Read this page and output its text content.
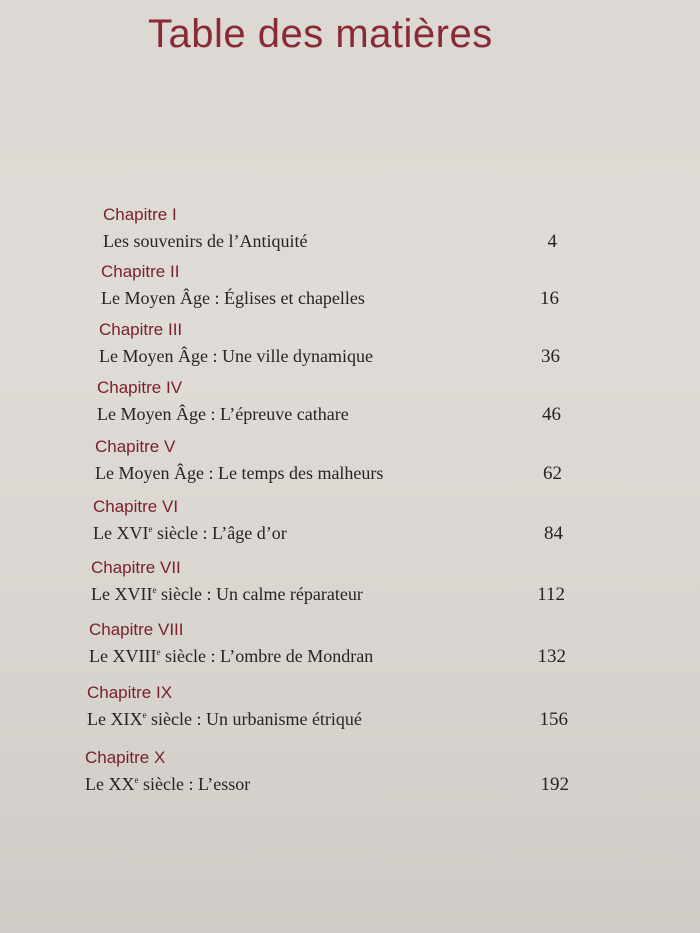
Table des matières
Chapitre I
Les souvenirs de l’Antiquité	4
Chapitre II
Le Moyen Âge : Églises et chapelles	16
Chapitre III
Le Moyen Âge : Une ville dynamique	36
Chapitre IV
Le Moyen Âge : L’épreuve cathare	46
Chapitre V
Le Moyen Âge : Le temps des malheurs	62
Chapitre VI
Le XVIe siècle : L’âge d’or	84
Chapitre VII
Le XVIIe siècle : Un calme réparateur	112
Chapitre VIII
Le XVIIIe siècle : L’ombre de Mondran	132
Chapitre IX
Le XIXe siècle : Un urbanisme étriqué	156
Chapitre X
Le XXe siècle : L’essor	192
